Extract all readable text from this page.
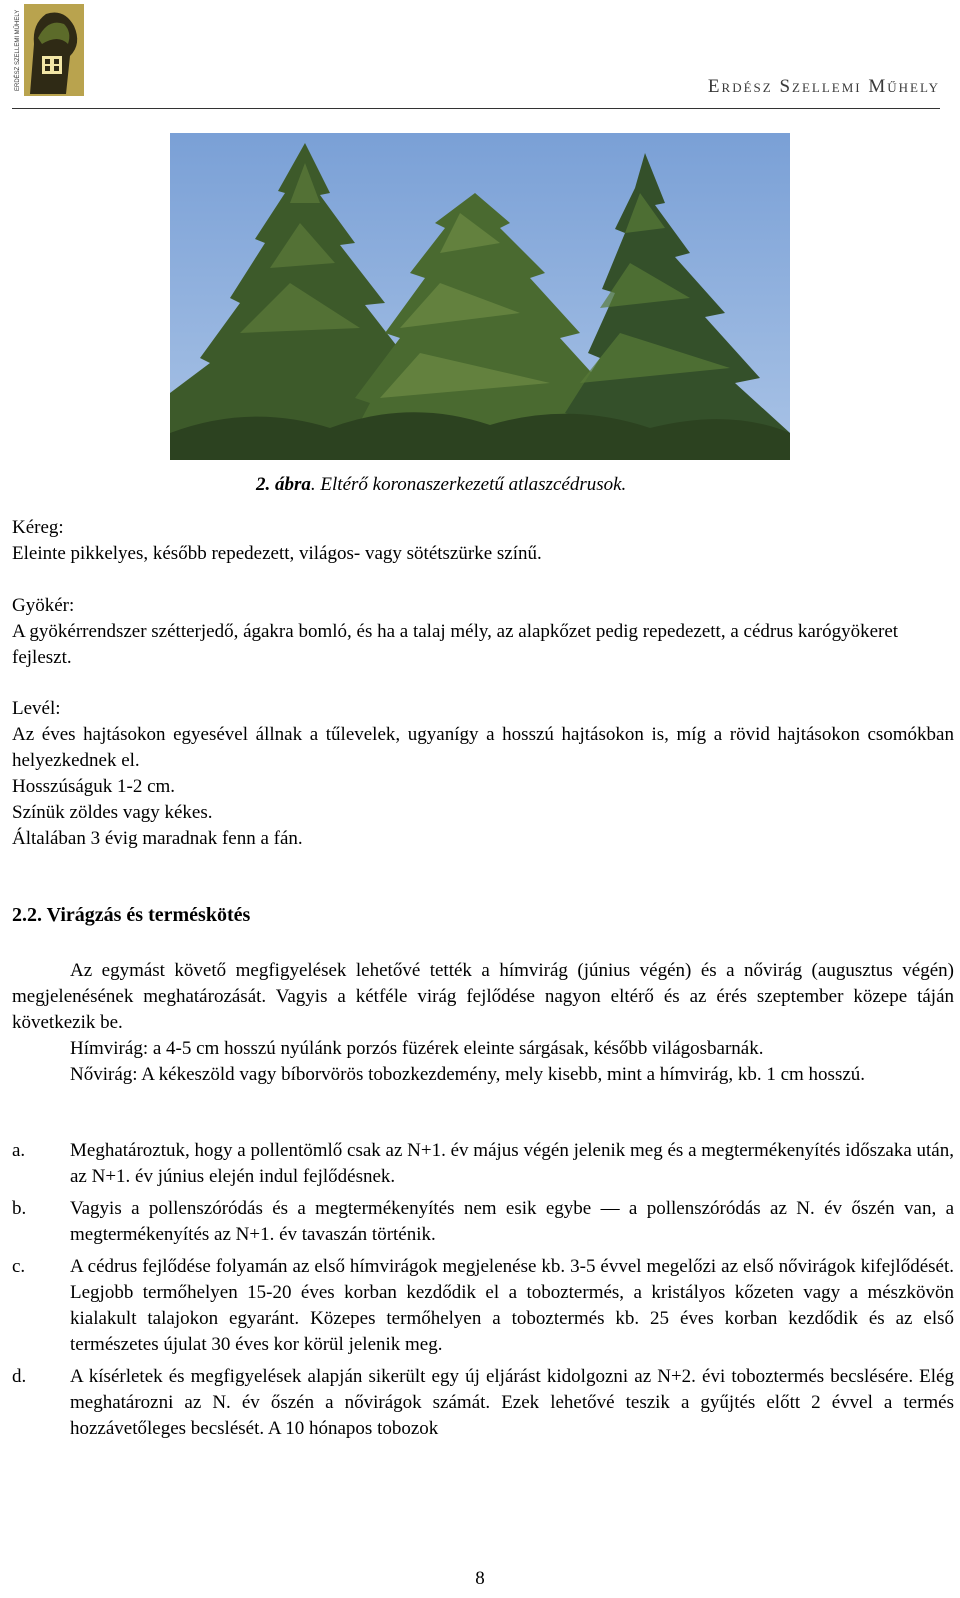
ERDÉSZ SZELLEMI MŰHELY	Erdész Szellemi Műhely
2. ábra. Eltérő koronaszerkezetű atlaszcédrusok.

Kéreg:

Eleinte pikkelyes, később repedezett, világos- vagy sötétszürke színű.

Gyökér:

A gyökérrendszer szétterjedő, ágakra bomló, és ha a talaj mély, az alapkőzet pedig repedezett, a cédrus karógyökeret fejleszt.

Levél:

Az éves hajtásokon egyesével állnak a tűlevelek, ugyanígy a hosszú hajtásokon is, míg a rövid hajtásokon csomókban helyezkednek el.

Hosszúságuk 1-2 cm.

Színük zöldes vagy kékes.

Általában 3 évig maradnak fenn a fán.

2.2. Virágzás és terméskötés

Az egymást követő megfigyelések lehetővé tették a hímvirág (június végén) és a nővirág (augusztus végén) megjelenésének meghatározását. Vagyis a kétféle virág fejlődése nagyon eltérő és az érés szeptember közepe táján következik be.

Hímvirág: a 4-5 cm hosszú nyúlánk porzós füzérek eleinte sárgásak, később világosbarnák.

Nővirág: A kékeszöld vagy bíborvörös tobozkezdemény, mely kisebb, mint a hímvirág, kb. 1 cm hosszú.

a. Meghatároztuk, hogy a pollentömlő csak az N+1. év május végén jelenik meg és a megtermékenyítés időszaka után, az N+1. év június elején indul fejlődésnek.
b. Vagyis a pollenszóródás és a megtermékenyítés nem esik egybe — a pollenszóródás az N. év őszén van, a megtermékenyítés az N+1. év tavaszán történik.
c. A cédrus fejlődése folyamán az első hímvirágok megjelenése kb. 3-5 évvel megelőzi az első nővirágok kifejlődését. Legjobb termőhelyen 15-20 éves korban kezdődik el a toboztermés, a kristályos kőzeten vagy a mészkövön kialakult talajokon egyaránt. Közepes termőhelyen a toboztermés kb. 25 éves korban kezdődik és az első természetes újulat 30 éves kor körül jelenik meg.
d. A kísérletek és megfigyelések alapján sikerült egy új eljárást kidolgozni az N+2. évi toboztermés becslésére. Elég meghatározni az N. év őszén a nővirágok számát. Ezek lehetővé teszik a gyűjtés előtt 2 évvel a termés hozzávetőleges becslését. A 10 hónapos tobozok
8
